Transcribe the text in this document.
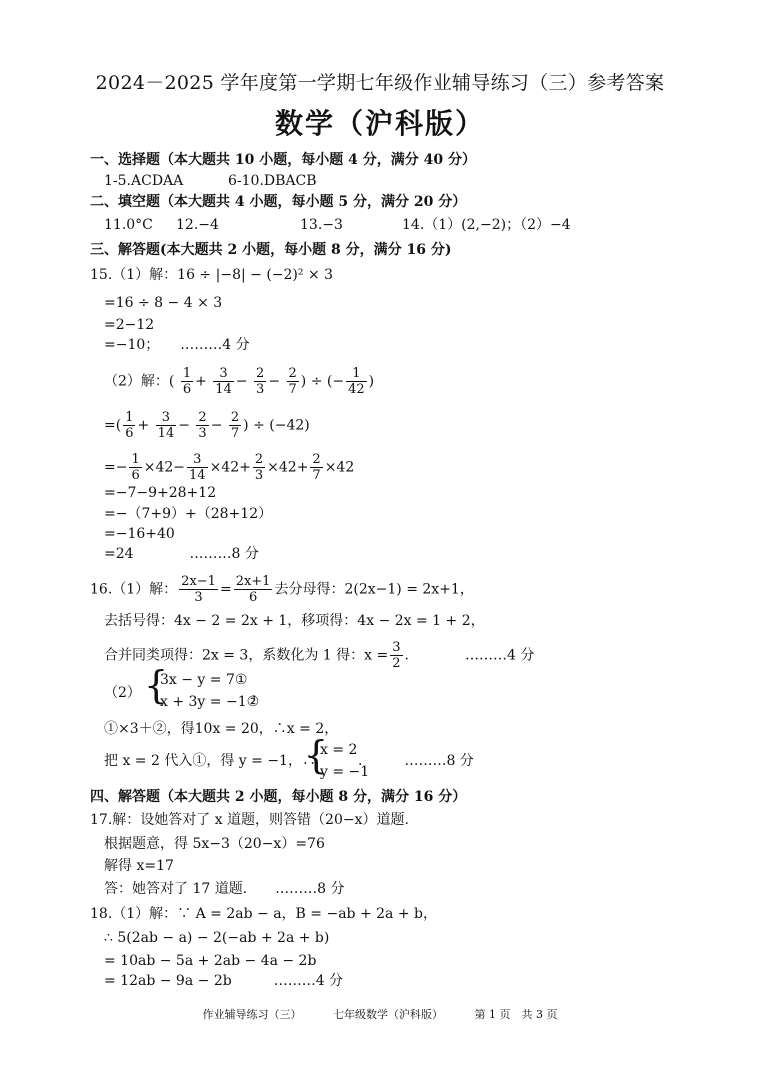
2024－2025 学年度第一学期七年级作业辅导练习（三）参考答案
数学（沪科版）
一、选择题（本大题共 10 小题，每小题 4 分，满分 40 分）
1-5.ACDAA	6-10.DBACB
二、填空题（本大题共 4 小题，每小题 5 分，满分 20 分）
11.0°C 12.−4	13.−3	14.（1）(2,−2)；（2）−4
三、解答题(本大题共 2 小题，每小题 8 分，满分 16 分)
15.（1）解：16 ÷ |−8| − (−2)² × 3
=16 ÷ 8 − 4 × 3
=2−12
=−10；　　………4 分
（2）解：( $\frac{1}{6} + \frac{3}{14} - \frac{2}{3} - \frac{2}{7}$ ) ÷ (− $\frac{1}{42}$ )
=( $\frac{1}{6} + \frac{3}{14} - \frac{2}{3} - \frac{2}{7}$ ) ÷ (−42)
=− $\frac{1}{6} \times 42- \frac{3}{14} \times 42+ \frac{2}{3} \times 42+ \frac{2}{7} \times 42$
=−7−9+28+12
=−（7+9）+（28+12）
=−16+40
=24　　　　………8 分
16.（1）解： $\frac{2x-1}{3} = \frac{2x+1}{6}$ 去分母得：2(2x−1) = 2x+1，
去括号得：4x − 2 = 2x + 1，移项得：4x − 2x = 1 + 2，
合并同类项得：2x = 3，系数化为 1 得：$x = \frac{3}{2}$ .　　　　………4 分
（2） {
3x − y = 7①
x + 3y = −1②
，
①×3＋②，得10x = 20，∴x = 2，
把 x = 2 代入①，得 y = −1，∴
{
x = 2
y = −1
.　　　………8 分
四、解答题（本大题共 2 小题，每小题 8 分，满分 16 分）
17.解：设她答对了 x 道题，则答错（20−x）道题.
根据题意，得 5x−3（20−x）=76
解得 x=17
答：她答对了 17 道题.　　………8 分
18.（1）解：∵ A = 2ab − a，B = −ab + 2a + b，
∴ 5(2ab − a) − 2(−ab + 2a + b)
= 10ab − 5a + 2ab − 4a − 2b
= 12ab − 9a − 2b　　　………4 分
作业辅导练习（三）	七年级数学（沪科版）	第 1 页　共 3 页
